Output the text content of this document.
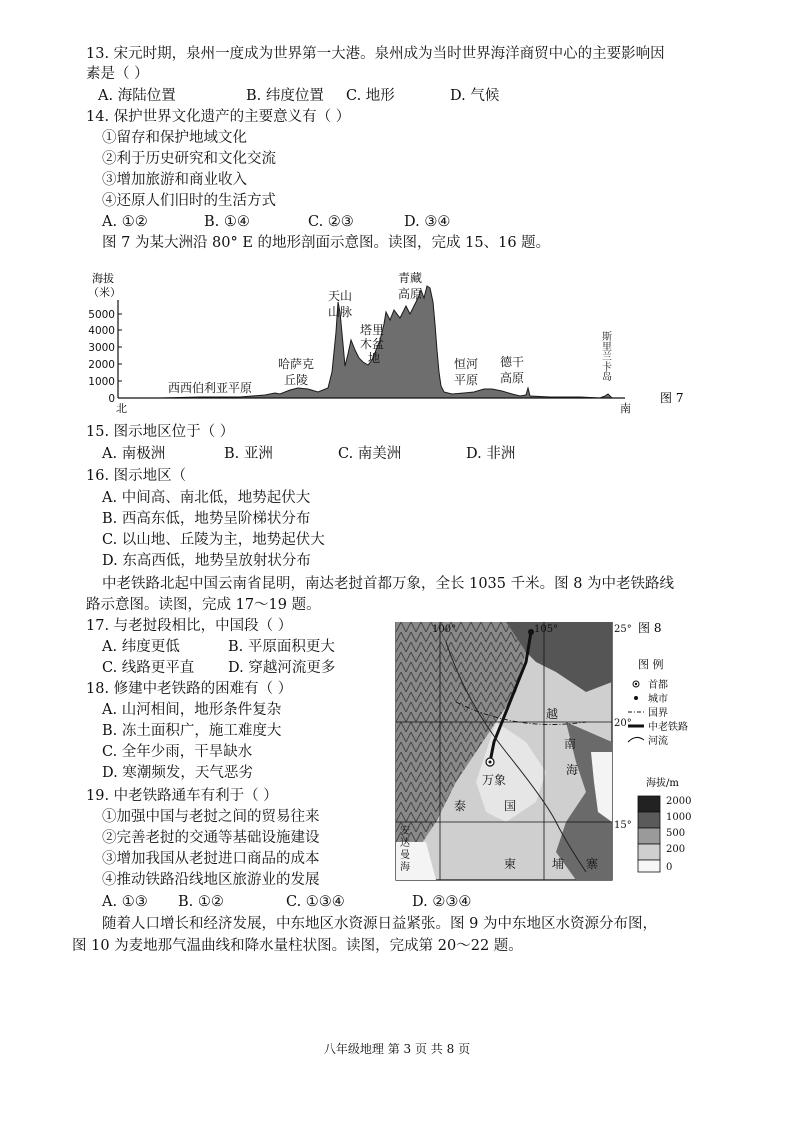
13. 宋元时期，泉州一度成为世界第一大港。泉州成为当时世界海洋商贸中心的主要影响因
素是（ ）
A. 海陆位置	B. 纬度位置 C. 地形	D. 气候
14. 保护世界文化遗产的主要意义有（ ）
①留存和保护地域文化
②利于历史研究和文化交流
③增加旅游和商业收入
④还原人们旧时的生活方式
A. ①②	B. ①④	C. ②③	D. ③④
图 7 为某大洲沿 80° E 的地形剖面示意图。读图，完成 15、16 题。
5000
4000
3000
2000
1000
0
海拔
（米）
北	南
西西伯利亚平原
哈萨克
丘陵
天山
山脉
塔里
木盆
地
青藏
高原
恒河
平原
德干
高原
斯
里
兰
卡
岛
图 7
15. 图示地区位于（ ）
A. 南极洲	B. 亚洲	C. 南美洲	D. 非洲
16. 图示地区（
A. 中间高、南北低，地势起伏大
B. 西高东低，地势呈阶梯状分布
C. 以山地、丘陵为主，地势起伏大
D. 东高西低，地势呈放射状分布
中老铁路北起中国云南省昆明，南达老挝首都万象，全长 1035 千米。图 8 为中老铁路线
路示意图。读图，完成 17～19 题。
17. 与老挝段相比，中国段（ ）
A. 纬度更低	B. 平原面积更大
C. 线路更平直 D. 穿越河流更多
18. 修建中老铁路的困难有（ ）
A. 山河相间，地形条件复杂
B. 冻土面积广，施工难度大
C. 全年少雨，干旱缺水
D. 寒潮频发，天气恶劣
19. 中老铁路通车有利于（ ）
①加强中国与老挝之间的贸易往来
②完善老挝的交通等基础设施建设
③增加我国从老挝进口商品的成本
④推动铁路沿线地区旅游业的发展
A. ①③ B. ①②	C. ①③④	D. ②③④
100°	105°	25°
20°
15°
万象
越
南
海
泰	国
柬	埔 寨
安
达
曼
海
图 8
图 例
首都
城市
国界
中老铁路
河流
海拔/m
2000
1000
500
200
0
随着人口增长和经济发展，中东地区水资源日益紧张。图 9 为中东地区水资源分布图，
图 10 为麦地那气温曲线和降水量柱状图。读图，完成第 20～22 题。
八年级地理 第 3 页 共 8 页
